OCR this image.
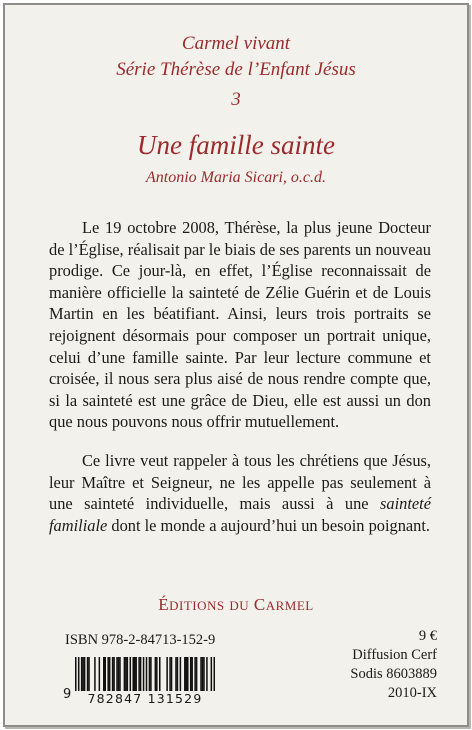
Carmel vivant
Série Thérèse de l’Enfant Jésus
3
Une famille sainte
Antonio Maria Sicari, o.c.d.
Le 19 octobre 2008, Thérèse, la plus jeune Docteur de l’Église, réalisait par le biais de ses parents un nouveau prodige. Ce jour-là, en effet, l’Église reconnaissait de manière officielle la sainteté de Zélie Guérin et de Louis Martin en les béatifiant. Ainsi, leurs trois portraits se rejoignent désormais pour composer un portrait unique, celui d’une famille sainte. Par leur lecture commune et croisée, il nous sera plus aisé de nous rendre compte que, si la sainteté est une grâce de Dieu, elle est aussi un don que nous pouvons nous offrir mutuellement.
Ce livre veut rappeler à tous les chrétiens que Jésus, leur Maître et Seigneur, ne les appelle pas seulement à une sainteté individuelle, mais aussi à une sainteté familiale dont le monde a aujourd’hui un besoin poignant.
ÉDITIONS DU CARMEL
ISBN 978-2-84713-152-9	9 €
Diffusion Cerf
Sodis 8603889
2010-IX
9	782847 131529
